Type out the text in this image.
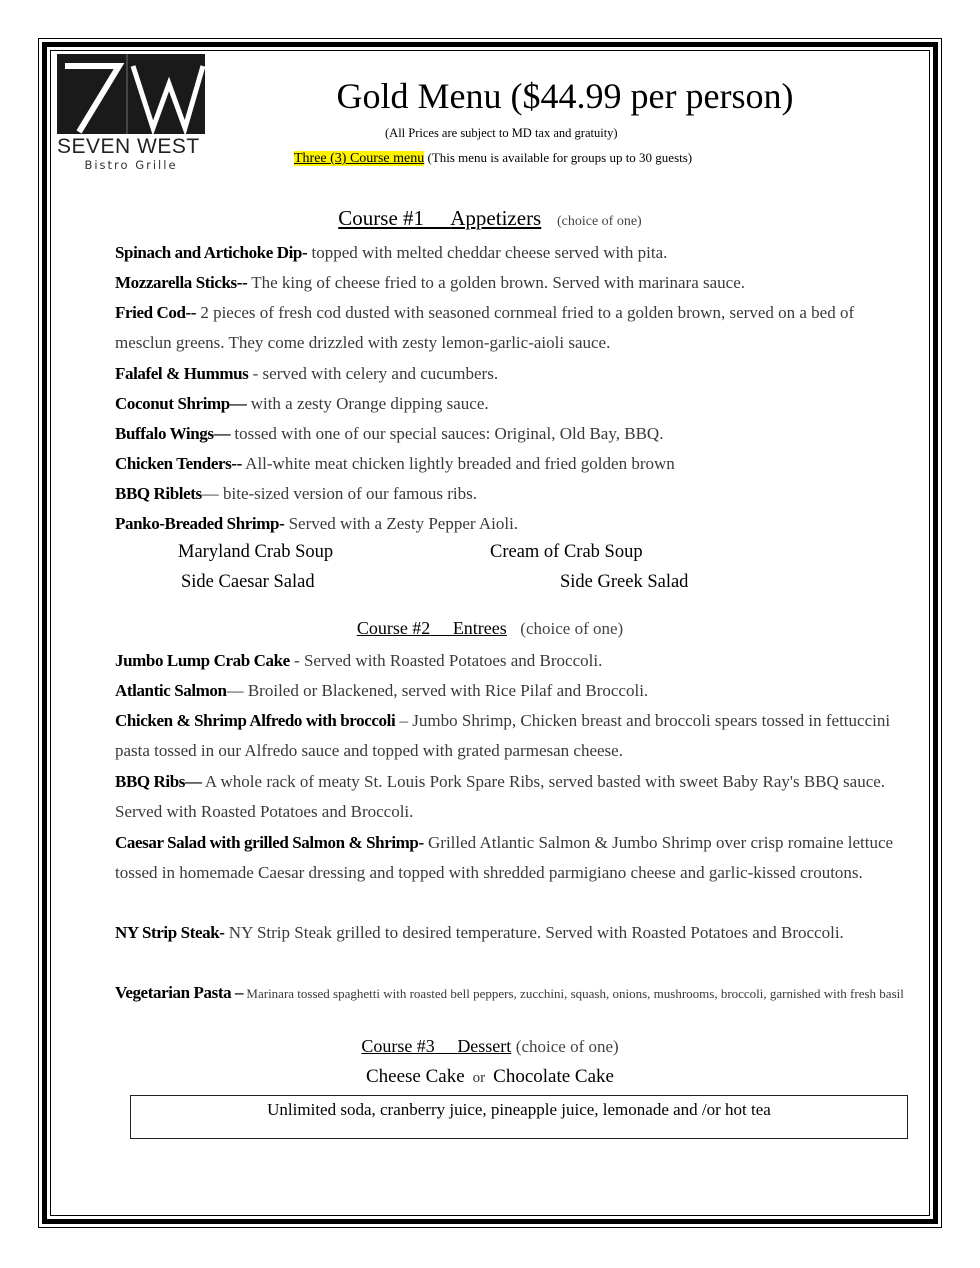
SEVEN WEST
Bistro Grille
Gold Menu ($44.99 per person)
(All Prices are subject to MD tax and gratuity)
Three (3) Course menu (This menu is available for groups up to 30 guests)
Course #1 Appetizers (choice of one)
Spinach and Artichoke Dip- topped with melted cheddar cheese served with pita.
Mozzarella Sticks-- The king of cheese fried to a golden brown. Served with marinara sauce.
Fried Cod-- 2 pieces of fresh cod dusted with seasoned cornmeal fried to a golden brown, served on a bed of mesclun greens. They come drizzled with zesty lemon-garlic-aioli sauce.
Falafel & Hummus - served with celery and cucumbers.
Coconut Shrimp— with a zesty Orange dipping sauce.
Buffalo Wings— tossed with one of our special sauces: Original, Old Bay, BBQ.
Chicken Tenders-- All-white meat chicken lightly breaded and fried golden brown
BBQ Riblets— bite-sized version of our famous ribs.
Panko-Breaded Shrimp- Served with a Zesty Pepper Aioli.
Maryland Crab Soup	Cream of Crab Soup
Side Caesar Salad	Side Greek Salad
Course #2 Entrees (choice of one)
Jumbo Lump Crab Cake - Served with Roasted Potatoes and Broccoli.
Atlantic Salmon— Broiled or Blackened, served with Rice Pilaf and Broccoli.
Chicken & Shrimp Alfredo with broccoli – Jumbo Shrimp, Chicken breast and broccoli spears tossed in fettuccini pasta tossed in our Alfredo sauce and topped with grated parmesan cheese.
BBQ Ribs— A whole rack of meaty St. Louis Pork Spare Ribs, served basted with sweet Baby Ray's BBQ sauce. Served with Roasted Potatoes and Broccoli.
Caesar Salad with grilled Salmon & Shrimp- Grilled Atlantic Salmon & Jumbo Shrimp over crisp romaine lettuce tossed in homemade Caesar dressing and topped with shredded parmigiano cheese and garlic-kissed croutons.
NY Strip Steak- NY Strip Steak grilled to desired temperature. Served with Roasted Potatoes and Broccoli.
Vegetarian Pasta – Marinara tossed spaghetti with roasted bell peppers, zucchini, squash, onions, mushrooms, broccoli, garnished with fresh basil
Course #3 Dessert (choice of one)
Cheese Cake or Chocolate Cake
Unlimited soda, cranberry juice, pineapple juice, lemonade and /or hot tea
